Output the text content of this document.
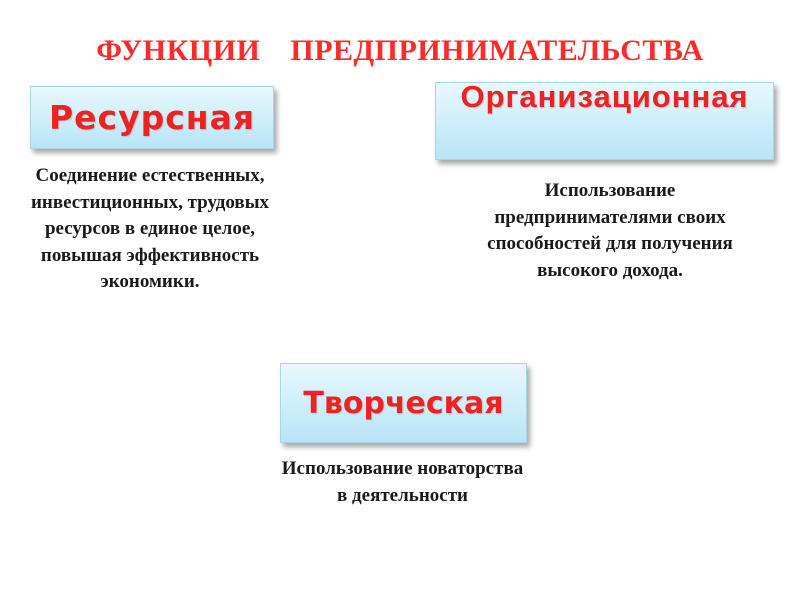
ФУНКЦИИ ПРЕДПРИНИМАТЕЛЬСТВА
Ресурсная

Соединение естественных, инвестиционных, трудовых ресурсов в единое целое, повышая эффективность экономики.

Организационная

Использование предпринимателями своих способностей для получения высокого дохода.

Творческая

Использование новаторства в деятельности
